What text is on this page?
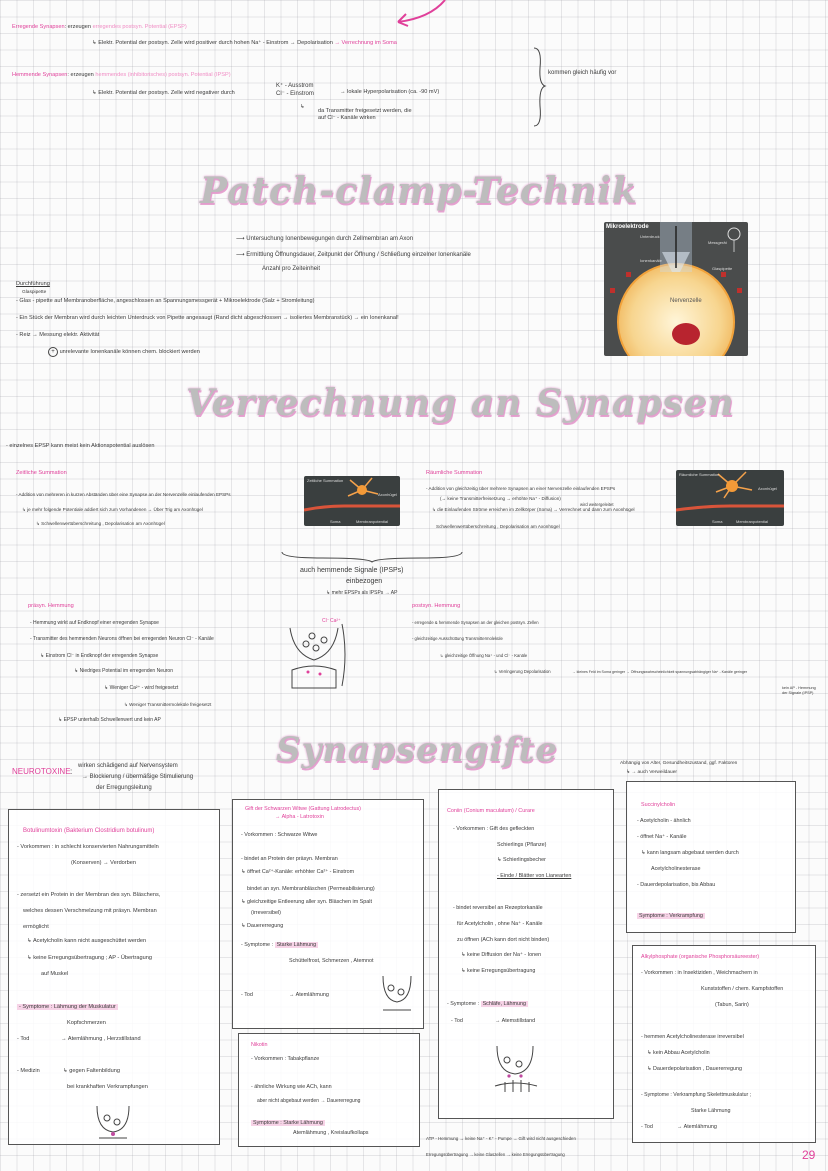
Erregende Synapsen: erzeugen erregendes postsyn. Potential (EPSP)
↳ Elektr. Potential der postsyn. Zelle wird positiver durch hohen Na⁺ - Einstrom → Depolarisation → Verrechnung im Soma
Hemmende Synapsen: erzeugen hemmendes (inhibitorisches) postsyn. Potential (IPSP)
↳ Elektr. Potential der postsyn. Zelle wird negativer durch
K⁺ - Ausstrom
Cl⁻ - Einstrom	→ lokale Hyperpolarisation (ca. -90 mV)
↳
da Transmitter freigesetzt werden, die auf Cl⁻ - Kanäle wirken
kommen gleich häufig vor
Patch-clamp-Technik
⟶ Untersuchung Ionenbewegungen durch Zellmembran am Axon
⟶ Ermittlung Öffnungsdauer, Zeitpunkt der Öffnung / Schließung einzelner Ionenkanäle
Anzahl pro Zeiteinheit
Durchführung
Glaspipette
- Glas - pipette auf Membranoberfläche, angeschlossen an Spannungsmessgerät + Mikroelektrode (Salz + Stromleitung)
- Ein Stück der Membran wird durch leichten Unterdruck von Pipette angesaugt (Rand dicht abgeschlossen → isoliertes Membranstück) → ein Ionenkanal!
- Reiz → Messung elektr. Aktivität
+ unrelevante Ionenkanäle können chem. blockiert werden
Mikroelektrode
Unterdruck
Messgerät
Ionenkanäle
Glaspipette
Nervenzelle
Verrechnung an Synapsen
- einzelnes EPSP kann meist kein Aktionspotential auslösen
Zeitliche Summation
- Addition von mehreren in kurzen Abständen über eine Synapse an der Nervenzelle einlaufenden EPSPs
↳ je mehr folgende Potentiale addiert sich zum Vorhandenen → Über Trig am Axonhügel
↳ Schwellenwertüberschreitung , Depolarisation am Axonhügel
Zeitliche Summation
Axonhügel
Soma	Membranpotential
Räumliche Summation
- Addition von gleichzeitig über mehrere Synapsen an einer Nervenzelle einlaufenden EPSPs
(→ keine Transmitterfreisetzung → erhöhte Na⁺ - Diffusion)
wird weitergeleitet
↳ die Einlaufenden Ströme erreichen im Zellkörper (Soma) → Verrechnet und dann zum Axonhügel
Schwellenwertüberschreitung , Depolarisation am Axonhügel
Räumliche Summation
Axonhügel
Soma	Membranpotential
auch hemmende Signale (IPSPs)
einbezogen
↳ mehr EPSPs als IPSPs → AP
präsyn. Hemmung
- Hemmung wirkt auf Endknopf einer erregenden Synapse
- Transmitter des hemmenden Neurons öffnen bei erregenden Neuron Cl⁻ - Kanäle
↳ Einstrom Cl⁻ in Endknopf der erregenden Synapse
↳ Niedriges Potential im erregenden Neuron
↳ Weniger Ca²⁺ - wird freigesetzt
↳ Weniger Transmittermoleküle freigesetzt
↳ EPSP unterhalb Schwellenwert und kein AP
Cl⁻ Ca²⁺
postsyn. Hemmung
- erregende & hemmende Synapsen an der gleichen postsyn. Zellen
- gleichzeitige Ausschüttung Transmittermoleküle
↳ gleichzeitige Öffnung Na⁺ - und Cl⁻ - Kanäle
↳ Verringerung Depolarisation	→ kleines Feld im Soma geringer → Öffnungswahrscheinlichkeit spannungsabhängiger Na⁺ - Kanäle geringer
kein AP - Hemmung der Signale (IPSP)
Synapsengifte
NEUROTOXINE :
wirken schädigend auf Nervensystem
→ Blockierung / übermäßige Stimulierung
der Erregungsleitung
Abhängig von Alter, Gesundheitszustand, ggf. Faktoren
↳ → auch Verweildauer
Botulinumtoxin (Bakterium Clostridium botulinum)
- Vorkommen : in schlecht konservierten Nahrungsmitteln
(Konserven) → Verdorben
- zersetzt ein Protein in der Membran des syn. Bläschens,
welches dessen Verschmelzung mit präsyn. Membran
ermöglicht
↳ Acetylcholin kann nicht ausgeschüttet werden
↳ keine Erregungsübertragung ; AP - Übertragung
auf Muskel
- Symptome : Lähmung der Muskulatur
Kopfschmerzen
- Tod	→ Atemlähmung , Herzstillstand
- Medizin	↳ gegen Faltenbildung
bei krankhaften Verkrampfungen
Gift der Schwarzen Witwe (Gattung Latrodectus)
→ Alpha - Latrotoxin
- Vorkommen : Schwarze Witwe
- bindet an Protein der präsyn. Membran
↳ öffnet Ca²⁺-Kanäle: erhöhter Ca²⁺ - Einstrom
bindet an syn. Membranbläschen (Permeabilisierung)
↳ gleichzeitige Entleerung aller syn. Bläschen im Spalt
(irreversibel)
↳ Dauererregung
- Symptome : Starke Lähmung
Schüttelfrost, Schmerzen , Atemnot
- Tod	→ Atemlähmung
Nikotin
- Vorkommen : Tabakpflanze
- ähnliche Wirkung wie ACh, kann
aber nicht abgebaut werden → Dauererregung
Symptome : Starke Lähmung
Atemlähmung , Kreislaufkollaps
Coniin (Conium maculatum) / Curare
- Vorkommen : Gift des gefleckten
Schierlings (Pflanze)
↳ Schierlingsbecher
- Einde / Blätter von Lianearten
- bindet reversibel an Rezeptorkanäle
für Acetylcholin , ohne Na⁺ - Kanäle
zu öffnen (ACh kann dort nicht binden)
↳ keine Diffusion der Na⁺ - Ionen
↳ keine Erregungsübertragung
- Symptome : Schläfe, Lähmung
- Tod	→ Atemstillstand
ATP - Hemmung → keine Na⁺ - K⁺ - Pumpe → Gift wird nicht ausgeschieden
Erregungsübertragung → keine Glaszellen → keine Erregungsübertragung
Succinylcholin
- Acetylcholin - ähnlich
- öffnet Na⁺ - Kanäle
↳ kann langsam abgebaut werden durch
Acetylcholinesterase
- Dauerdepolarisation, bis Abbau
Symptome : Verkrampfung
Alkylphosphate (organische Phosphorsäureester)
- Vorkommen : in Insektiziden , Weichmachern in
Kunststoffen / chem. Kampfstoffen
(Tabun, Sarin)
- hemmen Acetylcholinesterase irreversibel
↳ kein Abbau Acetylcholin
↳ Dauerdepolarisation , Dauererregung
- Symptome : Verkrampfung Skelettmuskulatur ;
Starke Lähmung
- Tod	→ Atemlähmung
29
